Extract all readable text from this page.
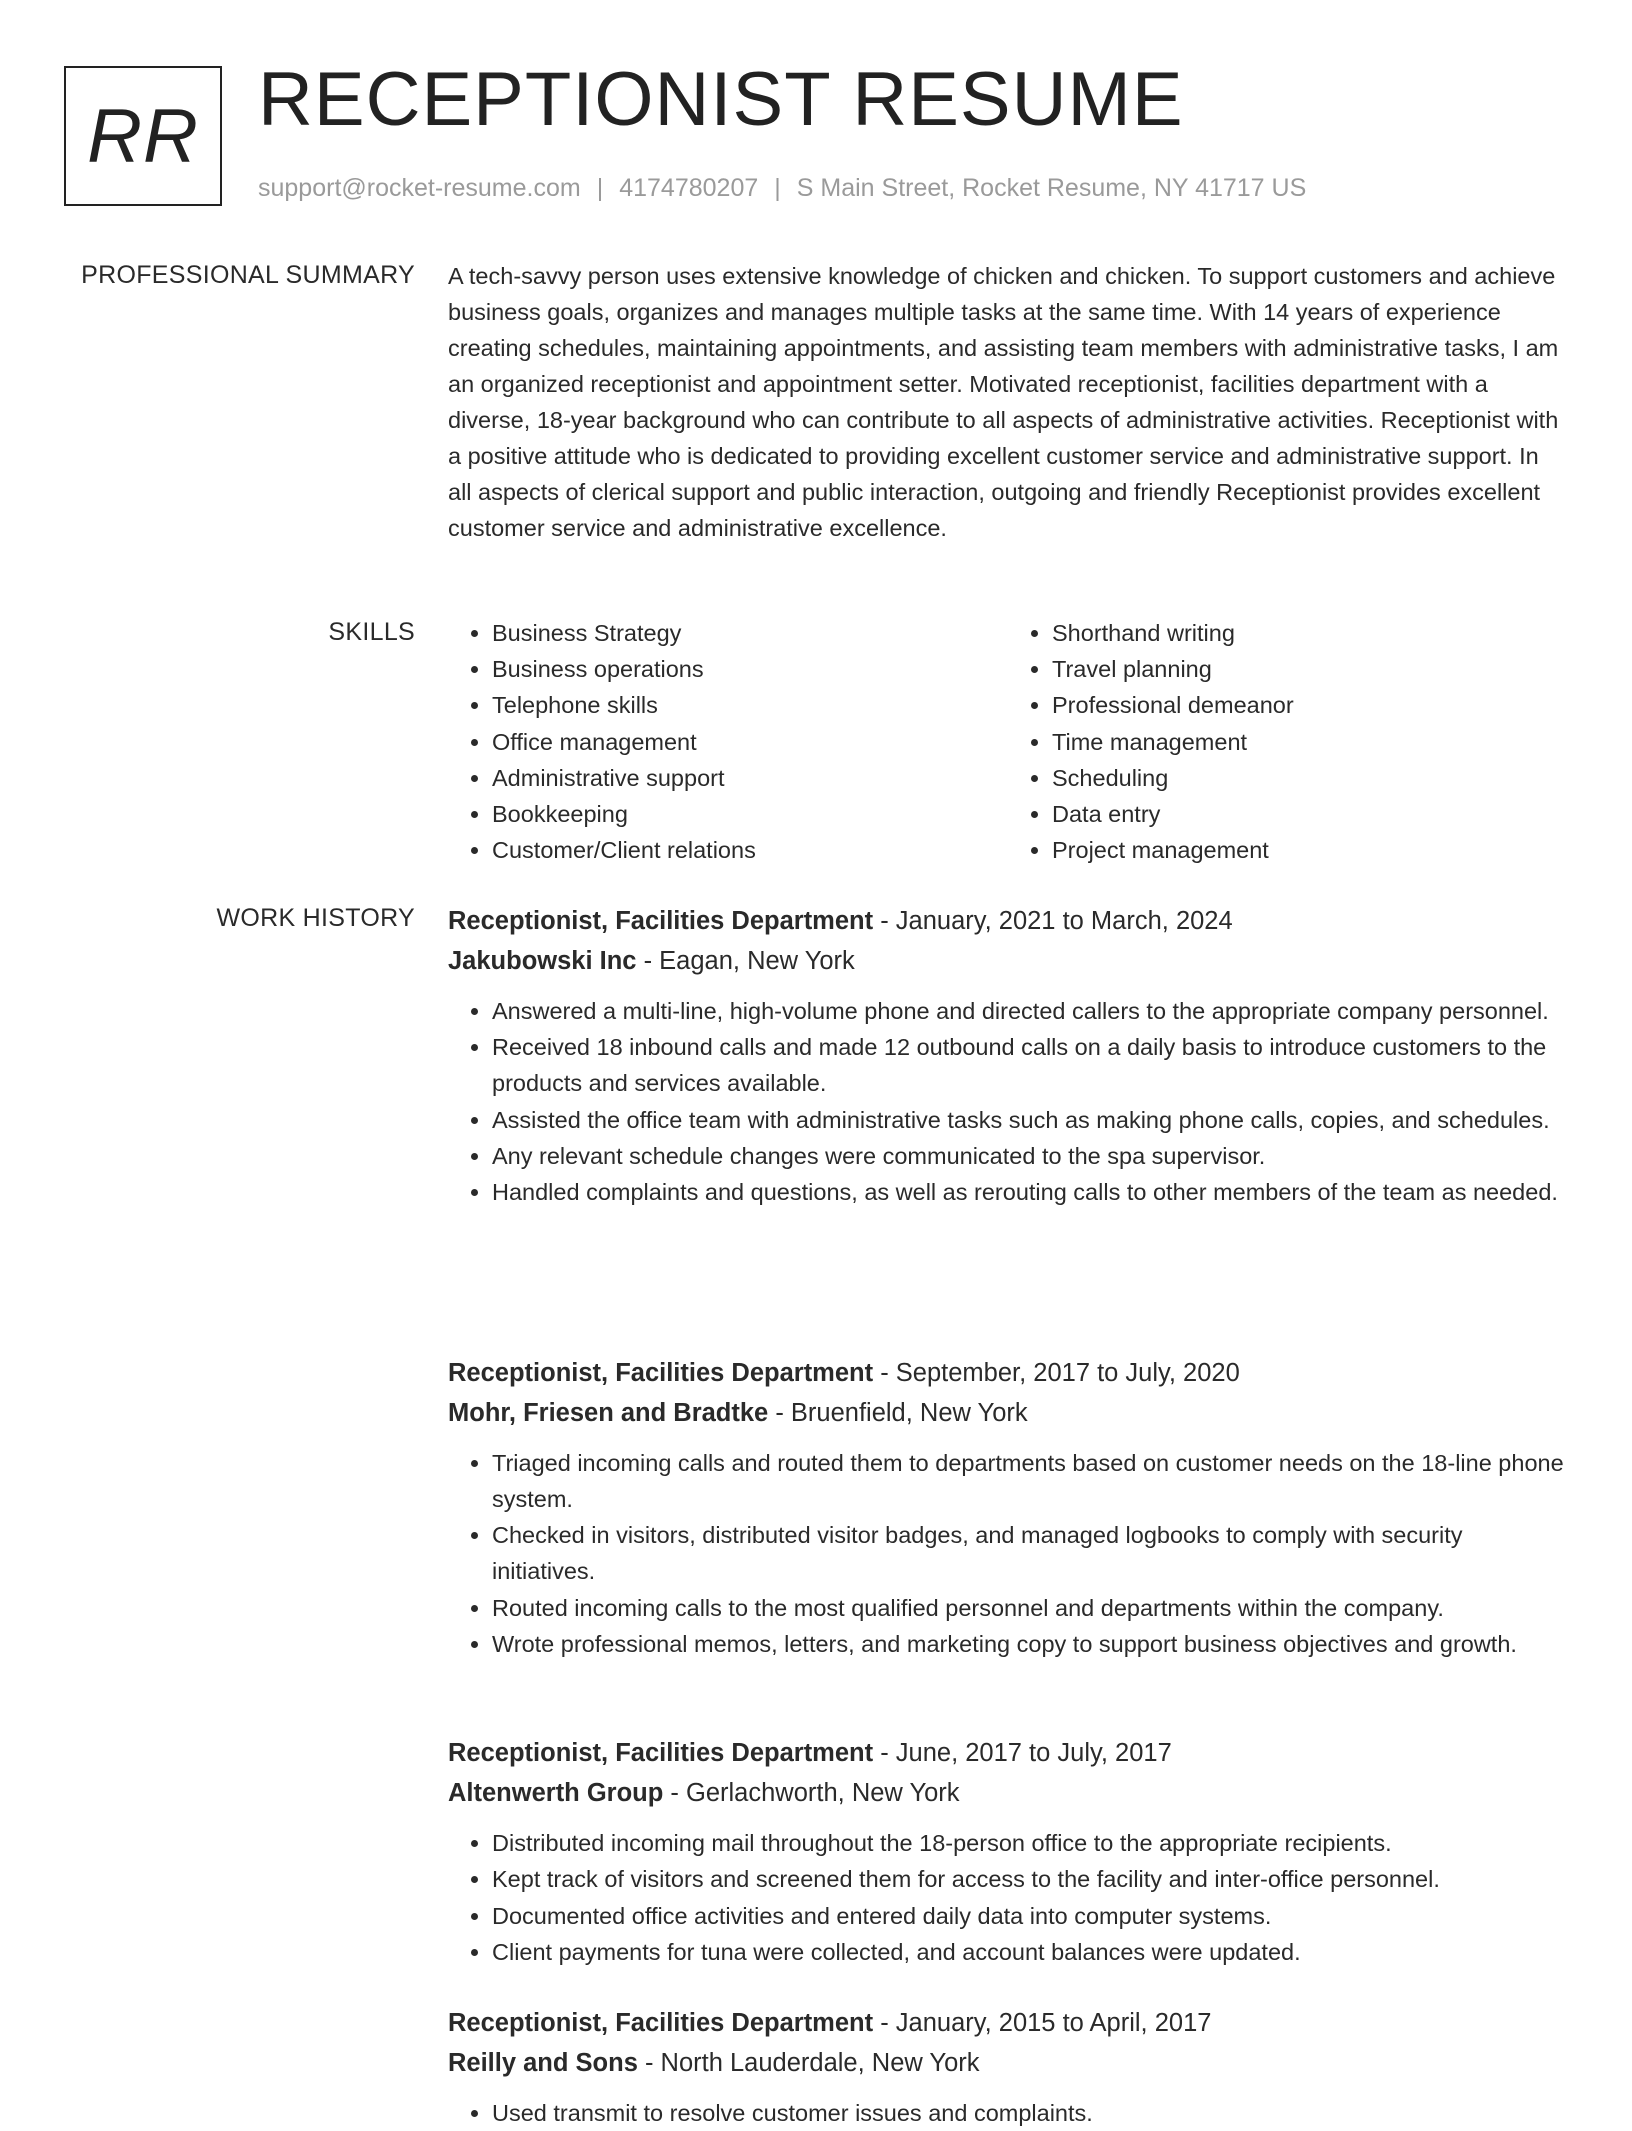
RR RECEPTIONIST RESUME
support@rocket-resume.com | 4174780207 | S Main Street, Rocket Resume, NY 41717 US
PROFESSIONAL SUMMARY A tech-savvy person uses extensive knowledge of chicken and chicken. To support customers and achieve business goals, organizes and manages multiple tasks at the same time. With 14 years of experience creating schedules, maintaining appointments, and assisting team members with administrative tasks, I am an organized receptionist and appointment setter. Motivated receptionist, facilities department with a diverse, 18-year background who can contribute to all aspects of administrative activities. Receptionist with a positive attitude who is dedicated to providing excellent customer service and administrative support. In all aspects of clerical support and public interaction, outgoing and friendly Receptionist provides excellent customer service and administrative excellence.

SKILLS
•	Business Strategy
• Business operations
• Telephone skills
• Office management
• Administrative support
• Bookkeeping
• Customer/Client relations
• Shorthand writing
• Travel planning
• Professional demeanor
• Time management
• Scheduling
• Data entry
• Project management
WORK HISTORY Receptionist, Facilities Department - January, 2021 to March, 2024
Jakubowski Inc - Eagan, New York
• Answered a multi-line, high-volume phone and directed callers to the appropriate company personnel.
• Received 18 inbound calls and made 12 outbound calls on a daily basis to introduce customers to the products and services available.
• Assisted the office team with administrative tasks such as making phone calls, copies, and schedules.
• Any relevant schedule changes were communicated to the spa supervisor.
• Handled complaints and questions, as well as rerouting calls to other members of the team as needed.
Receptionist, Facilities Department - September, 2017 to July, 2020
Mohr, Friesen and Bradtke - Bruenfield, New York
• Triaged incoming calls and routed them to departments based on customer needs on the 18-line phone system.
• Checked in visitors, distributed visitor badges, and managed logbooks to comply with security initiatives.
• Routed incoming calls to the most qualified personnel and departments within the company.
• Wrote professional memos, letters, and marketing copy to support business objectives and growth.
Receptionist, Facilities Department - June, 2017 to July, 2017
Altenwerth Group - Gerlachworth, New York
• Distributed incoming mail throughout the 18-person office to the appropriate recipients.
• Kept track of visitors and screened them for access to the facility and inter-office personnel.
• Documented office activities and entered daily data into computer systems.
• Client payments for tuna were collected, and account balances were updated.
Receptionist, Facilities Department - January, 2015 to April, 2017
Reilly and Sons - North Lauderdale, New York
• Used transmit to resolve customer issues and complaints.
